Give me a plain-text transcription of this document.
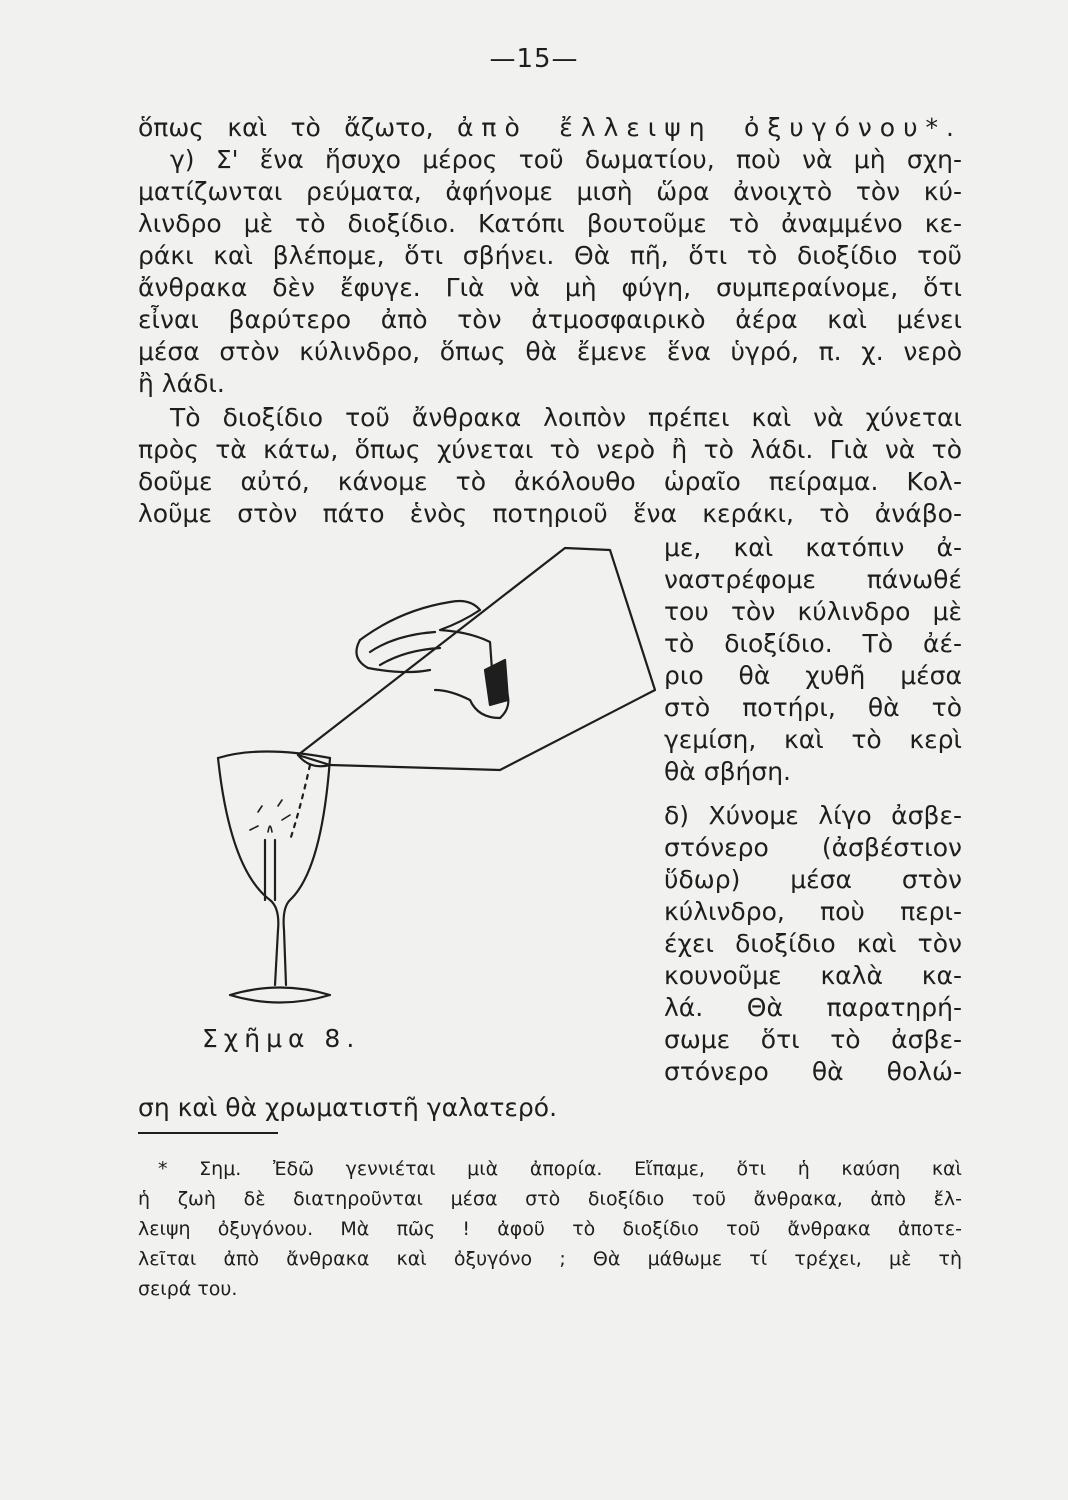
—15—
ὅπως καὶ τὸ ἄζωτο, ἀπὸ ἔλλειψη ὀξυγόνου*.
γ) Σ' ἕνα ἥσυχο μέρος τοῦ δωματίου, ποὺ νὰ μὴ σχη-
ματίζωνται ρεύματα, ἀφήνομε μισὴ ὥρα ἀνοιχτὸ τὸν κύ-
λινδρο μὲ τὸ διοξίδιο. Κατόπι βουτοῦμε τὸ ἀναμμένο κε-
ράκι καὶ βλέπομε, ὅτι σβήνει. Θὰ πῆ, ὅτι τὸ διοξίδιο τοῦ
ἄνθρακα δὲν ἔφυγε. Γιὰ νὰ μὴ φύγη, συμπεραίνομε, ὅτι
εἶναι βαρύτερο ἀπὸ τὸν ἀτμοσφαιρικὸ ἀέρα καὶ μένει
μέσα στὸν κύλινδρο, ὅπως θὰ ἔμενε ἕνα ὑγρό, π. χ. νερὸ
ἢ λάδι.
Τὸ διοξίδιο τοῦ ἄνθρακα λοιπὸν πρέπει καὶ νὰ χύνεται
πρὸς τὰ κάτω, ὅπως χύνεται τὸ νερὸ ἢ τὸ λάδι. Γιὰ νὰ τὸ
δοῦμε αὐτό, κάνομε τὸ ἀκόλουθο ὡραῖο πείραμα. Κολ-
λοῦμε στὸν πάτο ἑνὸς ποτηριοῦ ἕνα κεράκι, τὸ ἀνάβο-
με, καὶ κατόπιν ἀ-
ναστρέφομε πάνωθέ
του τὸν κύλινδρο μὲ
τὸ διοξίδιο. Τὸ ἀέ-
ριο θὰ χυθῆ μέσα
στὸ ποτήρι, θὰ τὸ
γεμίση, καὶ τὸ κερὶ
θὰ σβήση.
δ) Χύνομε λίγο ἀσβε-
στόνερο (ἀσβέστιον
ὕδωρ) μέσα στὸν
κύλινδρο, ποὺ περι-
έχει διοξίδιο καὶ τὸν
κουνοῦμε καλὰ κα-
λά. Θὰ παρατηρή-
σωμε ὅτι τὸ ἀσβε-
στόνερο θὰ θολώ-
Σχῆμα 8.
ση καὶ θὰ χρωματιστῆ γαλατερό.
* Σημ. Ἐδῶ γεννιέται μιὰ ἀπορία. Εἴπαμε, ὅτι ἡ καύση καὶ
ἡ ζωὴ δὲ διατηροῦνται μέσα στὸ διοξίδιο τοῦ ἄνθρακα, ἀπὸ ἔλ-
λειψη ὀξυγόνου. Μὰ πῶς ! ἀφοῦ τὸ διοξίδιο τοῦ ἄνθρακα ἀποτε-
λεῖται ἀπὸ ἄνθρακα καὶ ὀξυγόνο ; Θὰ μάθωμε τί τρέχει, μὲ τὴ
σειρά του.
